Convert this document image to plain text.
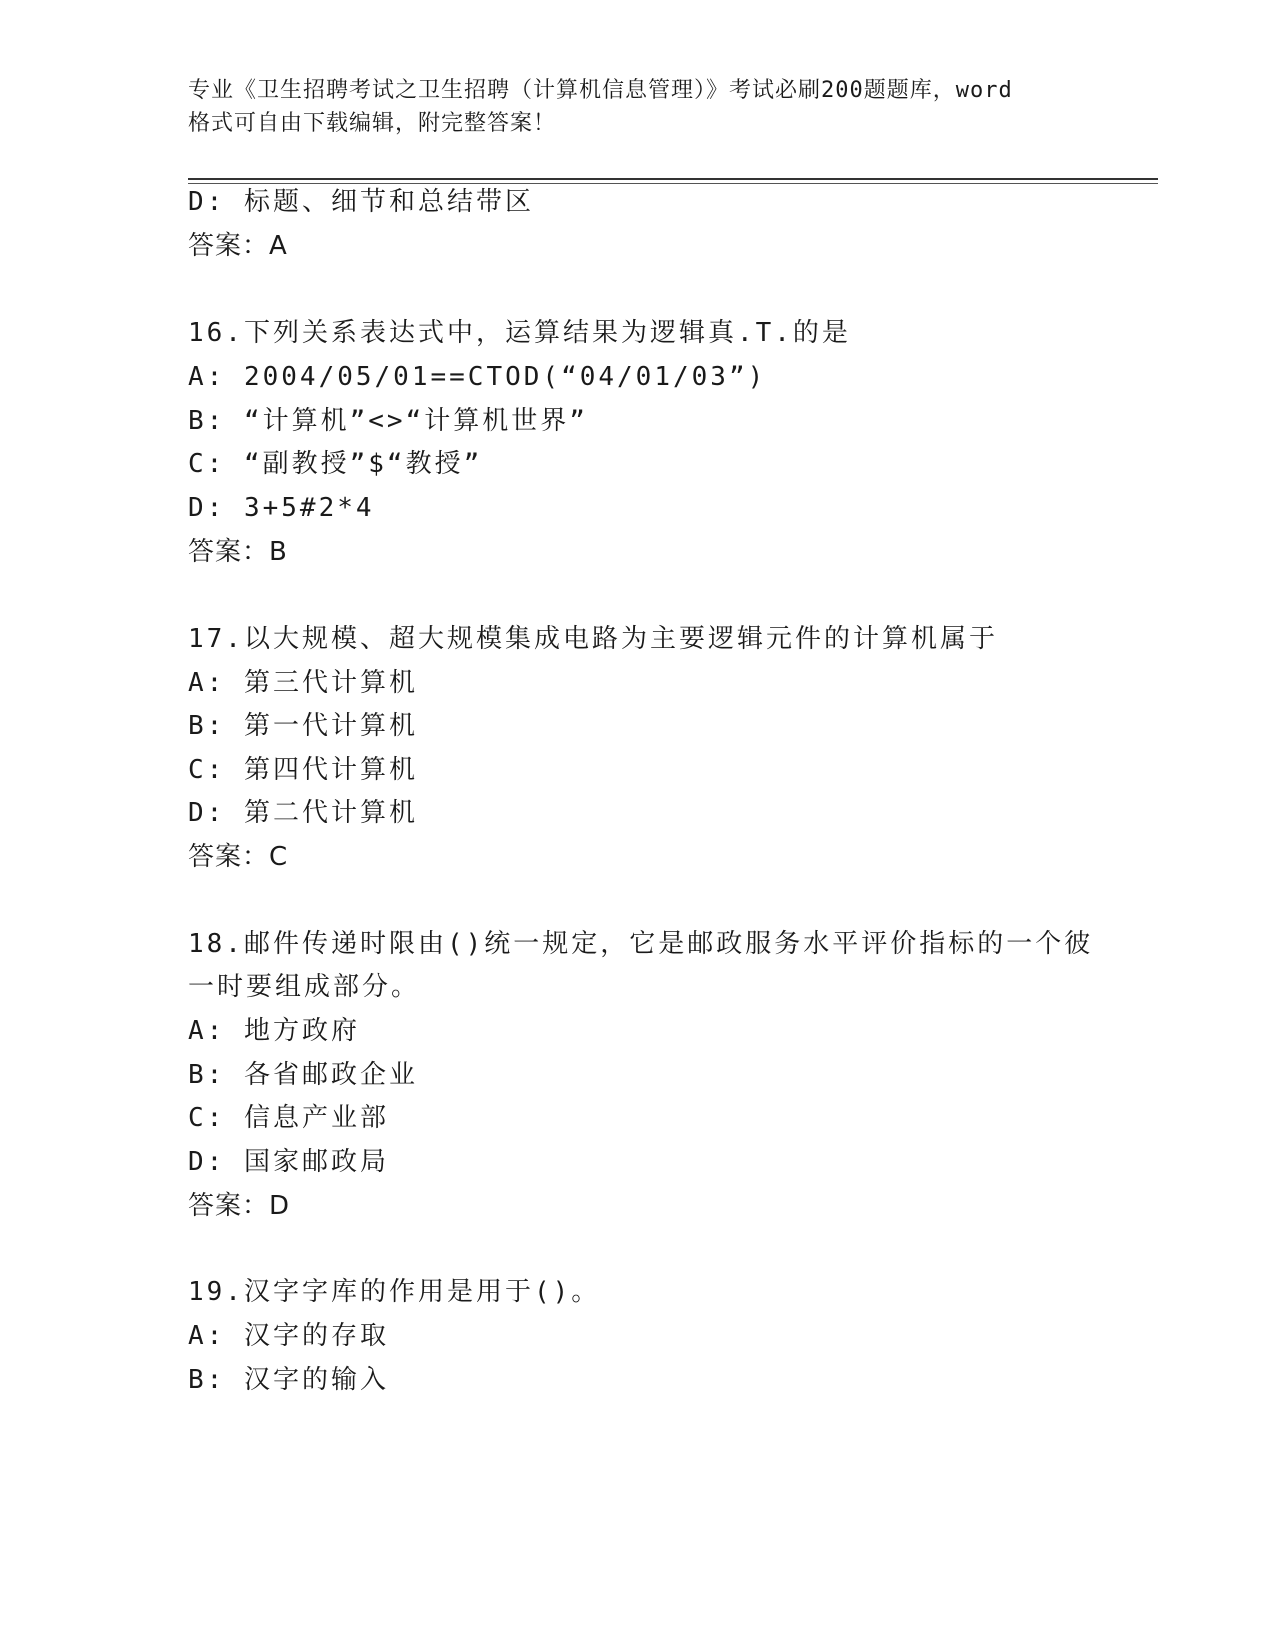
专业《卫生招聘考试之卫生招聘（计算机信息管理）》考试必刷200题题库，word
格式可自由下载编辑，附完整答案！
D: 标题、细节和总结带区
答案：A
16.下列关系表达式中，运算结果为逻辑真.T.的是
A: 2004/05/01==CTOD(“04/01/03”)
B: “计算机”<>“计算机世界”
C: “副教授”$“教授”
D: 3+5#2*4
答案：B
17.以大规模、超大规模集成电路为主要逻辑元件的计算机属于
A: 第三代计算机
B: 第一代计算机
C: 第四代计算机
D: 第二代计算机
答案：C
18.邮件传递时限由()统一规定，它是邮政服务水平评价指标的一个彼
一时要组成部分。
A: 地方政府
B: 各省邮政企业
C: 信息产业部
D: 国家邮政局
答案：D
19.汉字字库的作用是用于()。
A: 汉字的存取
B: 汉字的输入
